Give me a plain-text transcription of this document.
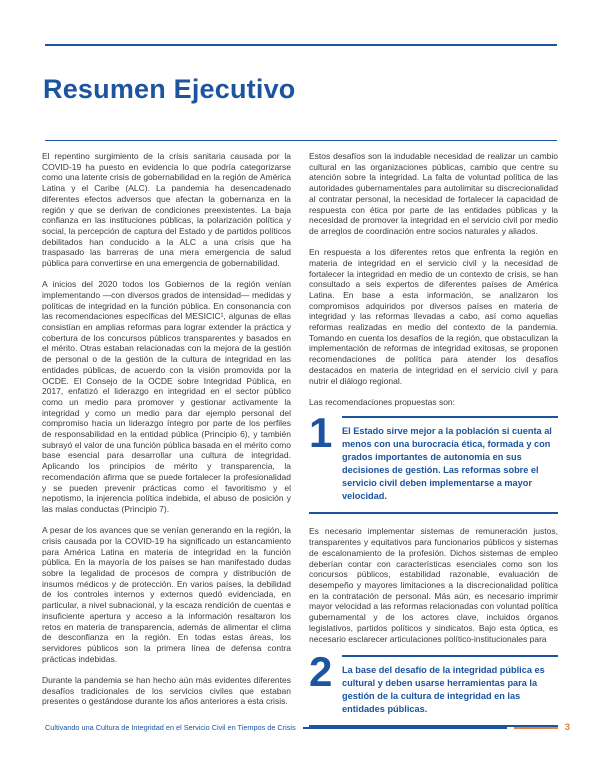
Resumen Ejecutivo

El repentino surgimiento de la crisis sanitaria causada por la COVID-19 ha puesto en evidencia lo que podría categorizarse como una latente crisis de gobernabilidad en la región de América Latina y el Caribe (ALC). La pandemia ha desencadenado diferentes efectos adversos que afectan la gobernanza en la región y que se derivan de condiciones preexistentes. La baja confianza en las instituciones públicas, la polarización política y social, la percepción de captura del Estado y de partidos políticos debilitados han conducido a la ALC a una crisis que ha traspasado las barreras de una mera emergencia de salud pública para convertirse en una emergencia de gobernabilidad.

A inicios del 2020 todos los Gobiernos de la región venían implementando —con diversos grados de intensidad— medidas y políticas de integridad en la función pública. En consonancia con las recomendaciones específicas del MESICIC¹, algunas de ellas consistían en amplias reformas para lograr extender la práctica y cobertura de los concursos públicos transparentes y basados en el mérito. Otras estaban relacionadas con la mejora de la gestión de personal o de la gestión de la cultura de integridad en las entidades públicas, de acuerdo con la visión promovida por la OCDE. El Consejo de la OCDE sobre Integridad Pública, en 2017, enfatizó el liderazgo en integridad en el sector público como un medio para promover y gestionar activamente la integridad y como un medio para dar ejemplo personal del compromiso hacia un liderazgo íntegro por parte de los perfiles de responsabilidad en la entidad pública (Principio 6), y también subrayó el valor de una función pública basada en el mérito como base esencial para desarrollar una cultura de integridad. Aplicando los principios de mérito y transparencia, la recomendación afirma que se puede fortalecer la profesionalidad y se pueden prevenir prácticas como el favoritismo y el nepotismo, la injerencia política indebida, el abuso de posición y las malas conductas (Principio 7).

A pesar de los avances que se venían generando en la región, la crisis causada por la COVID-19 ha significado un estancamiento para América Latina en materia de integridad en la función pública. En la mayoría de los países se han manifestado dudas sobre la legalidad de procesos de compra y distribución de insumos médicos y de protección. En varios países, la debilidad de los controles internos y externos quedó evidenciada, en particular, a nivel subnacional, y la escaza rendición de cuentas e insuficiente apertura y acceso a la información resaltaron los retos en materia de transparencia, además de alimentar el clima de desconfianza en la región. En todas estas áreas, los servidores públicos son la primera línea de defensa contra prácticas indebidas.

Durante la pandemia se han hecho aún más evidentes diferentes desafíos tradicionales de los servicios civiles que estaban presentes o gestándose durante los años anteriores a esta crisis.

Estos desafíos son la indudable necesidad de realizar un cambio cultural en las organizaciones públicas, cambio que centre su atención sobre la integridad. La falta de voluntad política de las autoridades gubernamentales para autolimitar su discrecionalidad al contratar personal, la necesidad de fortalecer la capacidad de respuesta con ética por parte de las entidades públicas y la necesidad de promover la integridad en el servicio civil por medio de arreglos de coordinación entre socios naturales y aliados.

En respuesta a los diferentes retos que enfrenta la región en materia de integridad en el servicio civil y la necesidad de fortalecer la integridad en medio de un contexto de crisis, se han consultado a seis expertos de diferentes países de América Latina. En base a esta información, se analizaron los compromisos adquiridos por diversos países en materia de integridad y las reformas llevadas a cabo, así como aquellas reformas realizadas en medio del contexto de la pandemia. Tomando en cuenta los desafíos de la región, que obstaculizan la implementación de reformas de integridad exitosas, se proponen recomendaciones de política para atender los desafíos destacados en materia de integridad en el servicio civil y para nutrir el diálogo regional.

Las recomendaciones propuestas son:

1 El Estado sirve mejor a la población si cuenta al menos con una burocracia ética, formada y con grados importantes de autonomía en sus decisiones de gestión. Las reformas sobre el servicio civil deben implementarse a mayor velocidad.

Es necesario implementar sistemas de remuneración justos, transparentes y equitativos para funcionarios públicos y sistemas de escalonamiento de la profesión. Dichos sistemas de empleo deberían contar con características esenciales como son los concursos públicos, estabilidad razonable, evaluación de desempeño y mayores limitaciones a la discrecionalidad política en la contratación de personal. Más aún, es necesario imprimir mayor velocidad a las reformas relacionadas con voluntad política gubernamental y de los actores clave, incluidos órganos legislativos, partidos políticos y sindicatos. Bajo esta óptica, es necesario esclarecer articulaciones político-institucionales para

2 La base del desafío de la integridad pública es cultural y deben usarse herramientas para la gestión de la cultura de integridad en las entidades públicas.
Cultivando una Cultura de Integridad en el Servicio Civil en Tiempos de Crisis	3
